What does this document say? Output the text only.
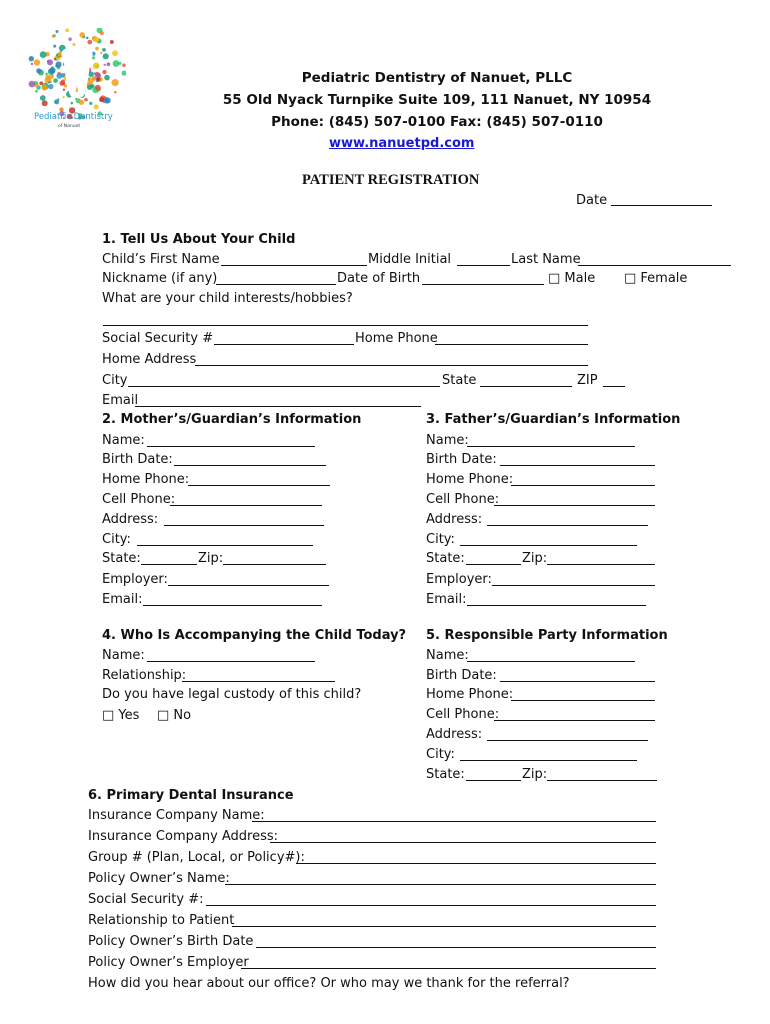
Pediatric Dentistry
of Nanuet
Pediatric Dentistry of Nanuet, PLLC
55 Old Nyack Turnpike Suite 109, 111 Nanuet, NY 10954
Phone: (845) 507-0100 Fax: (845) 507-0110
www.nanuetpd.com
PATIENT REGISTRATION
Date
1. Tell Us About Your Child
Child’s First Name	Middle Initial	Last Name
Nickname (if any)	Date of Birth	□ Male □ Female
What are your child interests/hobbies?
Social Security #	Home Phone
Home Address
City	State	ZIP
Email
2. Mother’s/Guardian’s Information
Name:
Birth Date:
Home Phone:
Cell Phone:
Address:
City:
State:	Zip:
Employer:
Email:
3. Father’s/Guardian’s Information
Name:
Birth Date:
Home Phone:
Cell Phone:
Address:
City:
State:	Zip:
Employer:
Email:
4. Who Is Accompanying the Child Today?
Name:
Relationship:
Do you have legal custody of this child?
□ Yes □ No
5. Responsible Party Information
Name:
Birth Date:
Home Phone:
Cell Phone:
Address:
City:
State:	Zip:
6. Primary Dental Insurance
Insurance Company Name:
Insurance Company Address:
Group # (Plan, Local, or Policy#):
Policy Owner’s Name:
Social Security #:
Relationship to Patient
Policy Owner’s Birth Date
Policy Owner’s Employer
How did you hear about our office? Or who may we thank for the referral?
